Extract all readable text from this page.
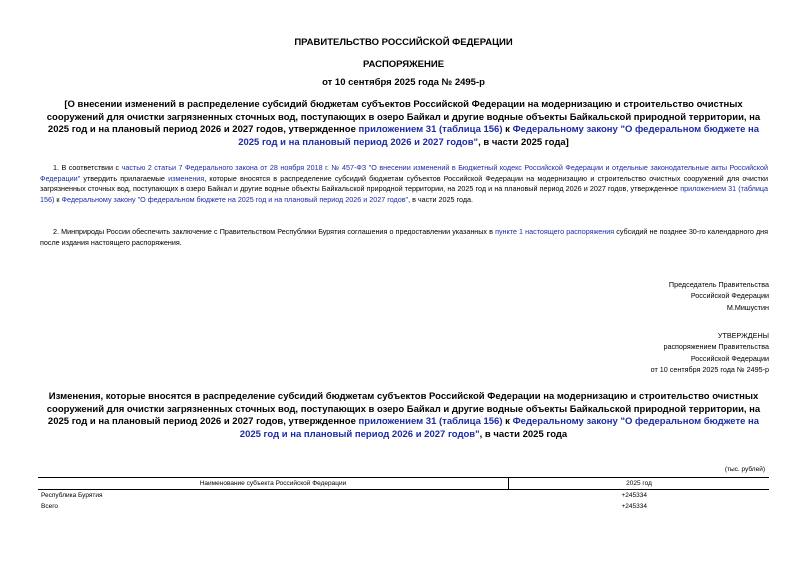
ПРАВИТЕЛЬСТВО РОССИЙСКОЙ ФЕДЕРАЦИИ
РАСПОРЯЖЕНИЕ
от 10 сентября 2025 года № 2495-р
[О внесении изменений в распределение субсидий бюджетам субъектов Российской Федерации на модернизацию и строительство очистных сооружений для очистки загрязненных сточных вод, поступающих в озеро Байкал и другие водные объекты Байкальской природной территории, на 2025 год и на плановый период 2026 и 2027 годов, утвержденное приложением 31 (таблица 156) к Федеральному закону "О федеральном бюджете на 2025 год и на плановый период 2026 и 2027 годов", в части 2025 года]
1. В соответствии с частью 2 статьи 7 Федерального закона от 28 ноября 2018 г. № 457-ФЗ "О внесении изменений в Бюджетный кодекс Российской Федерации и отдельные законодательные акты Российской Федерации" утвердить прилагаемые изменения, которые вносятся в распределение субсидий бюджетам субъектов Российской Федерации на модернизацию и строительство очистных сооружений для очистки загрязненных сточных вод, поступающих в озеро Байкал и другие водные объекты Байкальской природной территории, на 2025 год и на плановый период 2026 и 2027 годов, утвержденное приложением 31 (таблица 156) к Федеральному закону "О федеральном бюджете на 2025 год и на плановый период 2026 и 2027 годов", в части 2025 года.
2. Минприроды России обеспечить заключение с Правительством Республики Бурятия соглашения о предоставлении указанных в пункте 1 настоящего распоряжения субсидий не позднее 30-го календарного дня после издания настоящего распоряжения.
Председатель Правительства
Российской Федерации
М.Мишустин
УТВЕРЖДЕНЫ
распоряжением Правительства
Российской Федерации
от 10 сентября 2025 года № 2495-р
Изменения, которые вносятся в распределение субсидий бюджетам субъектов Российской Федерации на модернизацию и строительство очистных сооружений для очистки загрязненных сточных вод, поступающих в озеро Байкал и другие водные объекты Байкальской природной территории, на 2025 год и на плановый период 2026 и 2027 годов, утвержденное приложением 31 (таблица 156) к Федеральному закону "О федеральном бюджете на 2025 год и на плановый период 2026 и 2027 годов", в части 2025 года
(тыс. рублей)
Наименование субъекта Российской Федерации	2025 год
Республика Бурятия	+245334
Всего	+245334
